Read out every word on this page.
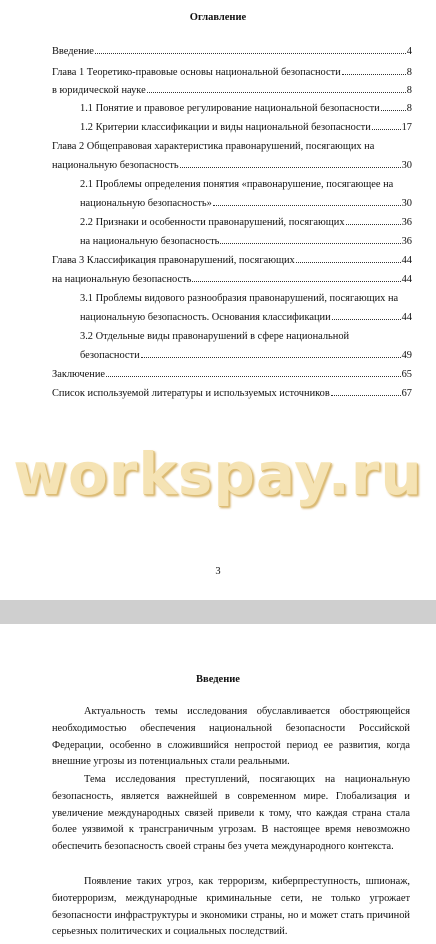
Оглавление
Введение	4
Глава 1 Теоретико-правовые основы национальной безопасности	8
в юридической науке	8
1.1 Понятие и правовое регулирование национальной безопасности	8
1.2 Критерии классификации и виды национальной безопасности	17
Глава 2 Общеправовая характеристика правонарушений, посягающих на
национальную безопасность	30
2.1 Проблемы определения понятия «правонарушение, посягающее на
национальную безопасность»	30
2.2 Признаки и особенности правонарушений, посягающих	36
на национальную безопасность	36
Глава 3 Классификация правонарушений, посягающих	44
на национальную безопасность	44
3.1 Проблемы видового разнообразия правонарушений, посягающих на
национальную безопасность. Основания классификации	44
3.2 Отдельные виды правонарушений в сфере национальной
безопасности	49
Заключение	65
Список используемой литературы и используемых источников	67
workspay.ru
3
Введение
Актуальность темы исследования обуславливается обостряющейся необходимостью обеспечения национальной безопасности Российской Федерации, особенно в сложившийся непростой период ее развития, когда внешние угрозы из потенциальных стали реальными.
Тема исследования преступлений, посягающих на национальную безопасность, является важнейшей в современном мире. Глобализация и увеличение международных связей привели к тому, что каждая страна стала более уязвимой к трансграничным угрозам. В настоящее время невозможно обеспечить безопасность своей страны без учета международного контекста.
Появление таких угроз, как терроризм, киберпреступность, шпионаж, биотерроризм, международные криминальные сети, не только угрожает безопасности инфраструктуры и экономики страны, но и может стать причиной серьезных политических и социальных последствий.
